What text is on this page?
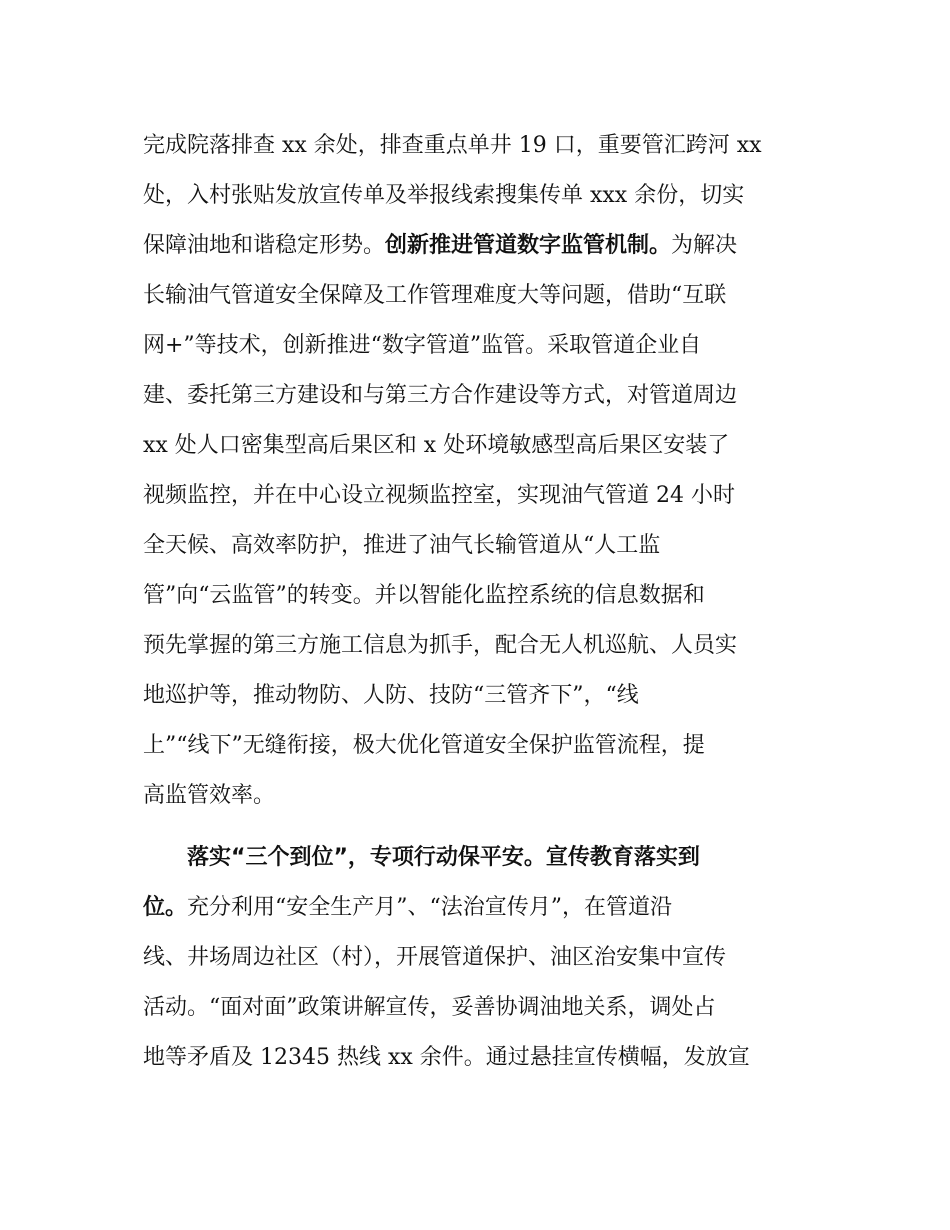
完成院落排查 xx 余处，排查重点单井 19 口，重要管汇跨河 xx
处，入村张贴发放宣传单及举报线索搜集传单 xxx 余份，切实
保障油地和谐稳定形势。创新推进管道数字监管机制。为解决
长输油气管道安全保障及工作管理难度大等问题，借助“互联
网+”等技术，创新推进“数字管道”监管。采取管道企业自
建、委托第三方建设和与第三方合作建设等方式，对管道周边
xx 处人口密集型高后果区和 x 处环境敏感型高后果区安装了
视频监控，并在中心设立视频监控室，实现油气管道 24 小时
全天候、高效率防护，推进了油气长输管道从“人工监
管”向“云监管”的转变。并以智能化监控系统的信息数据和
预先掌握的第三方施工信息为抓手，配合无人机巡航、人员实
地巡护等，推动物防、人防、技防“三管齐下”，“线
上”“线下”无缝衔接，极大优化管道安全保护监管流程，提
高监管效率。
落实“三个到位”，专项行动保平安。宣传教育落实到
位。充分利用“安全生产月”、“法治宣传月”，在管道沿
线、井场周边社区（村），开展管道保护、油区治安集中宣传
活动。“面对面”政策讲解宣传，妥善协调油地关系，调处占
地等矛盾及 12345 热线 xx 余件。通过悬挂宣传横幅，发放宣
